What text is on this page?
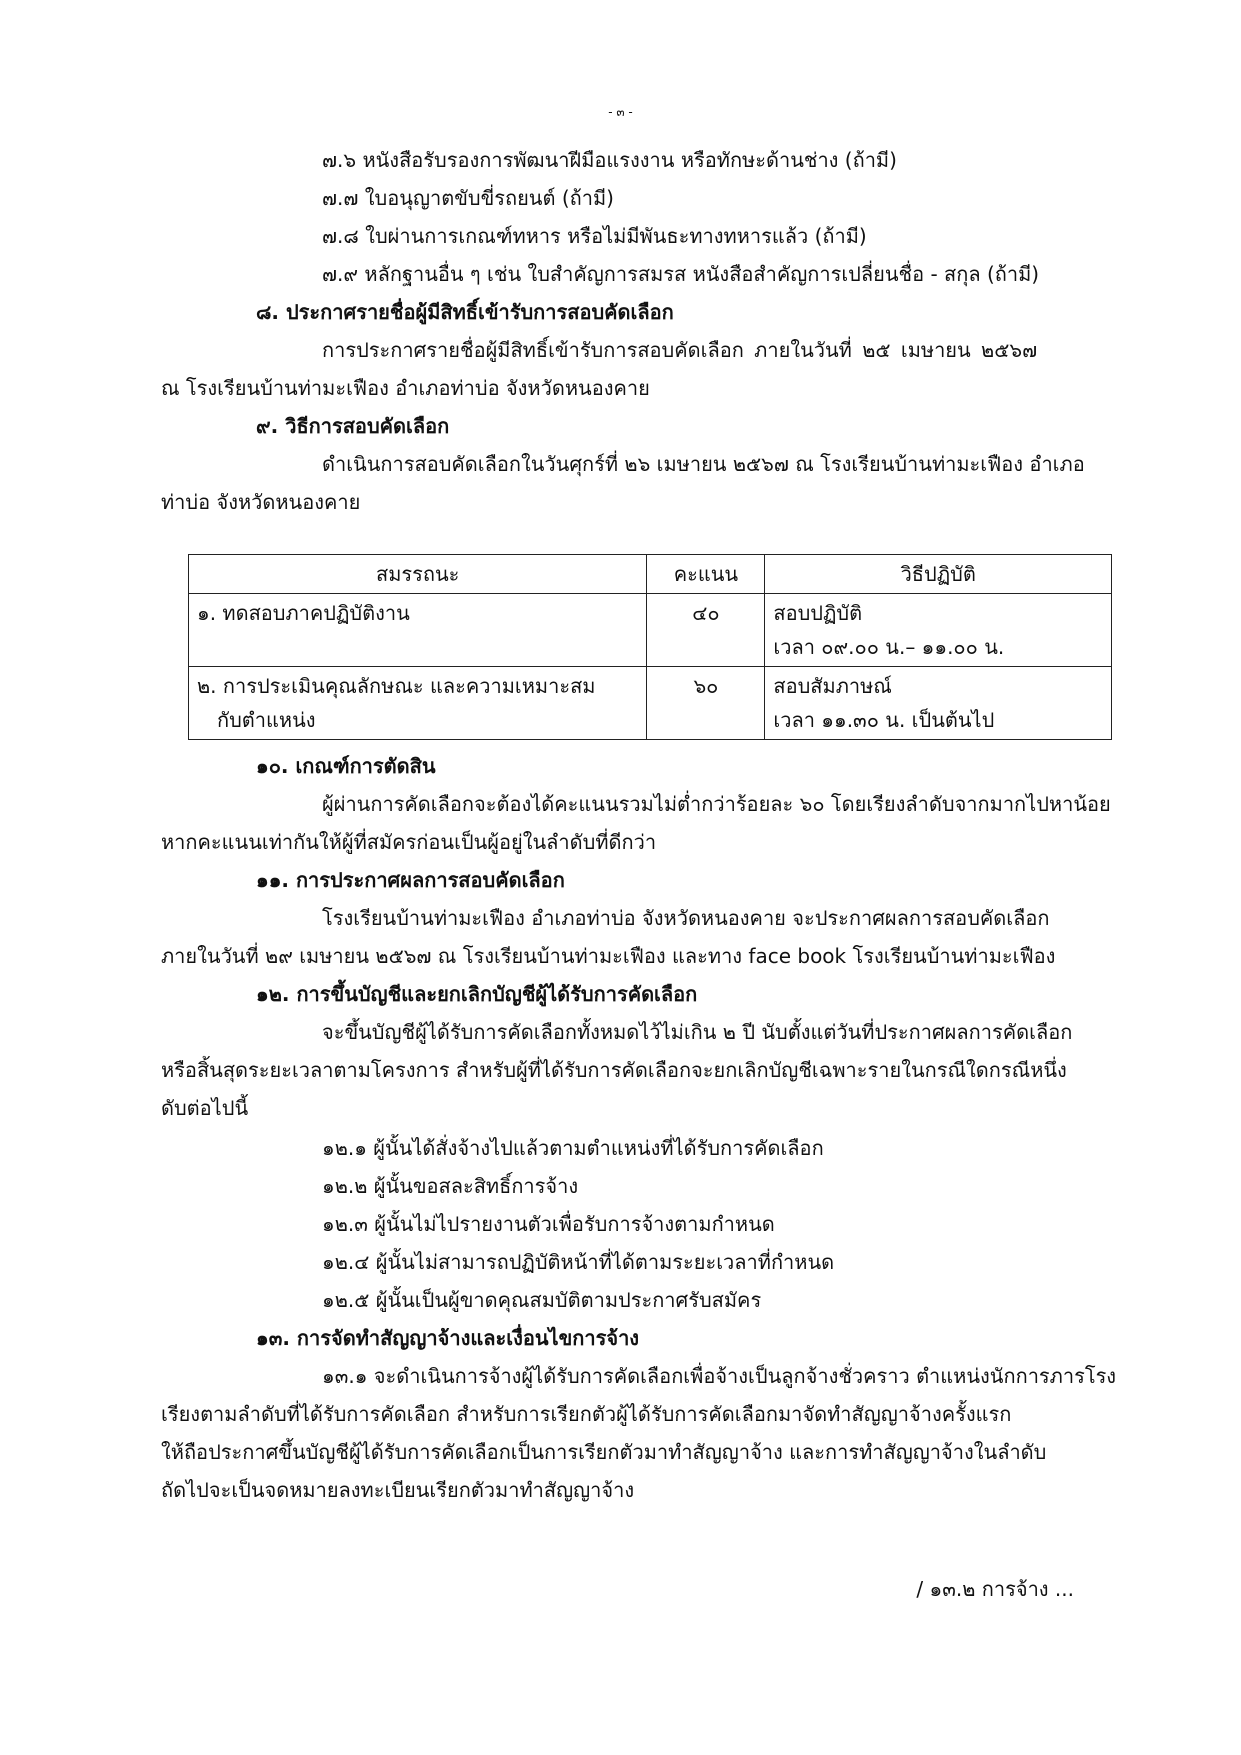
- ๓ -
๗.๖ หนังสือรับรองการพัฒนาฝีมือแรงงาน หรือทักษะด้านช่าง (ถ้ามี)
๗.๗ ใบอนุญาตขับขี่รถยนต์ (ถ้ามี)
๗.๘ ใบผ่านการเกณฑ์ทหาร หรือไม่มีพันธะทางทหารแล้ว (ถ้ามี)
๗.๙ หลักฐานอื่น ๆ เช่น ใบสำคัญการสมรส หนังสือสำคัญการเปลี่ยนชื่อ - สกุล (ถ้ามี)
๘. ประกาศรายชื่อผู้มีสิทธิ์เข้ารับการสอบคัดเลือก
การประกาศรายชื่อผู้มีสิทธิ์เข้ารับการสอบคัดเลือก ภายในวันที่ ๒๕ เมษายน ๒๕๖๗
ณ โรงเรียนบ้านท่ามะเฟือง อำเภอท่าบ่อ จังหวัดหนองคาย
๙. วิธีการสอบคัดเลือก
ดำเนินการสอบคัดเลือกในวันศุกร์ที่ ๒๖ เมษายน ๒๕๖๗ ณ โรงเรียนบ้านท่ามะเฟือง อำเภอ
ท่าบ่อ จังหวัดหนองคาย
สมรรถนะ	คะแนน	วิธีปฏิบัติ
๑. ทดสอบภาคปฏิบัติงาน	๔๐	สอบปฏิบัติ
เวลา ๐๙.๐๐ น.– ๑๑.๐๐ น.
๒. การประเมินคุณลักษณะ และความเหมาะสม

กับตำแหน่ง	๖๐	สอบสัมภาษณ์
เวลา ๑๑.๓๐ น. เป็นต้นไป
๑๐. เกณฑ์การตัดสิน
ผู้ผ่านการคัดเลือกจะต้องได้คะแนนรวมไม่ต่ำกว่าร้อยละ ๖๐ โดยเรียงลำดับจากมากไปหาน้อย
หากคะแนนเท่ากันให้ผู้ที่สมัครก่อนเป็นผู้อยู่ในลำดับที่ดีกว่า
๑๑. การประกาศผลการสอบคัดเลือก
โรงเรียนบ้านท่ามะเฟือง อำเภอท่าบ่อ จังหวัดหนองคาย จะประกาศผลการสอบคัดเลือก
ภายในวันที่ ๒๙ เมษายน ๒๕๖๗ ณ โรงเรียนบ้านท่ามะเฟือง และทาง face book โรงเรียนบ้านท่ามะเฟือง
๑๒. การขึ้นบัญชีและยกเลิกบัญชีผู้ได้รับการคัดเลือก
จะขึ้นบัญชีผู้ได้รับการคัดเลือกทั้งหมดไว้ไม่เกิน ๒ ปี นับตั้งแต่วันที่ประกาศผลการคัดเลือก
หรือสิ้นสุดระยะเวลาตามโครงการ สำหรับผู้ที่ได้รับการคัดเลือกจะยกเลิกบัญชีเฉพาะรายในกรณีใดกรณีหนึ่ง
ดับต่อไปนี้
๑๒.๑ ผู้นั้นได้สั่งจ้างไปแล้วตามตำแหน่งที่ได้รับการคัดเลือก
๑๒.๒ ผู้นั้นขอสละสิทธิ์การจ้าง
๑๒.๓ ผู้นั้นไม่ไปรายงานตัวเพื่อรับการจ้างตามกำหนด
๑๒.๔ ผู้นั้นไม่สามารถปฏิบัติหน้าที่ได้ตามระยะเวลาที่กำหนด
๑๒.๕ ผู้นั้นเป็นผู้ขาดคุณสมบัติตามประกาศรับสมัคร
๑๓. การจัดทำสัญญาจ้างและเงื่อนไขการจ้าง
๑๓.๑ จะดำเนินการจ้างผู้ได้รับการคัดเลือกเพื่อจ้างเป็นลูกจ้างชั่วคราว ตำแหน่งนักการภารโรง
เรียงตามลำดับที่ได้รับการคัดเลือก สำหรับการเรียกตัวผู้ได้รับการคัดเลือกมาจัดทำสัญญาจ้างครั้งแรก
ให้ถือประกาศขึ้นบัญชีผู้ได้รับการคัดเลือกเป็นการเรียกตัวมาทำสัญญาจ้าง และการทำสัญญาจ้างในลำดับ
ถัดไปจะเป็นจดหมายลงทะเบียนเรียกตัวมาทำสัญญาจ้าง
/ ๑๓.๒ การจ้าง ...
